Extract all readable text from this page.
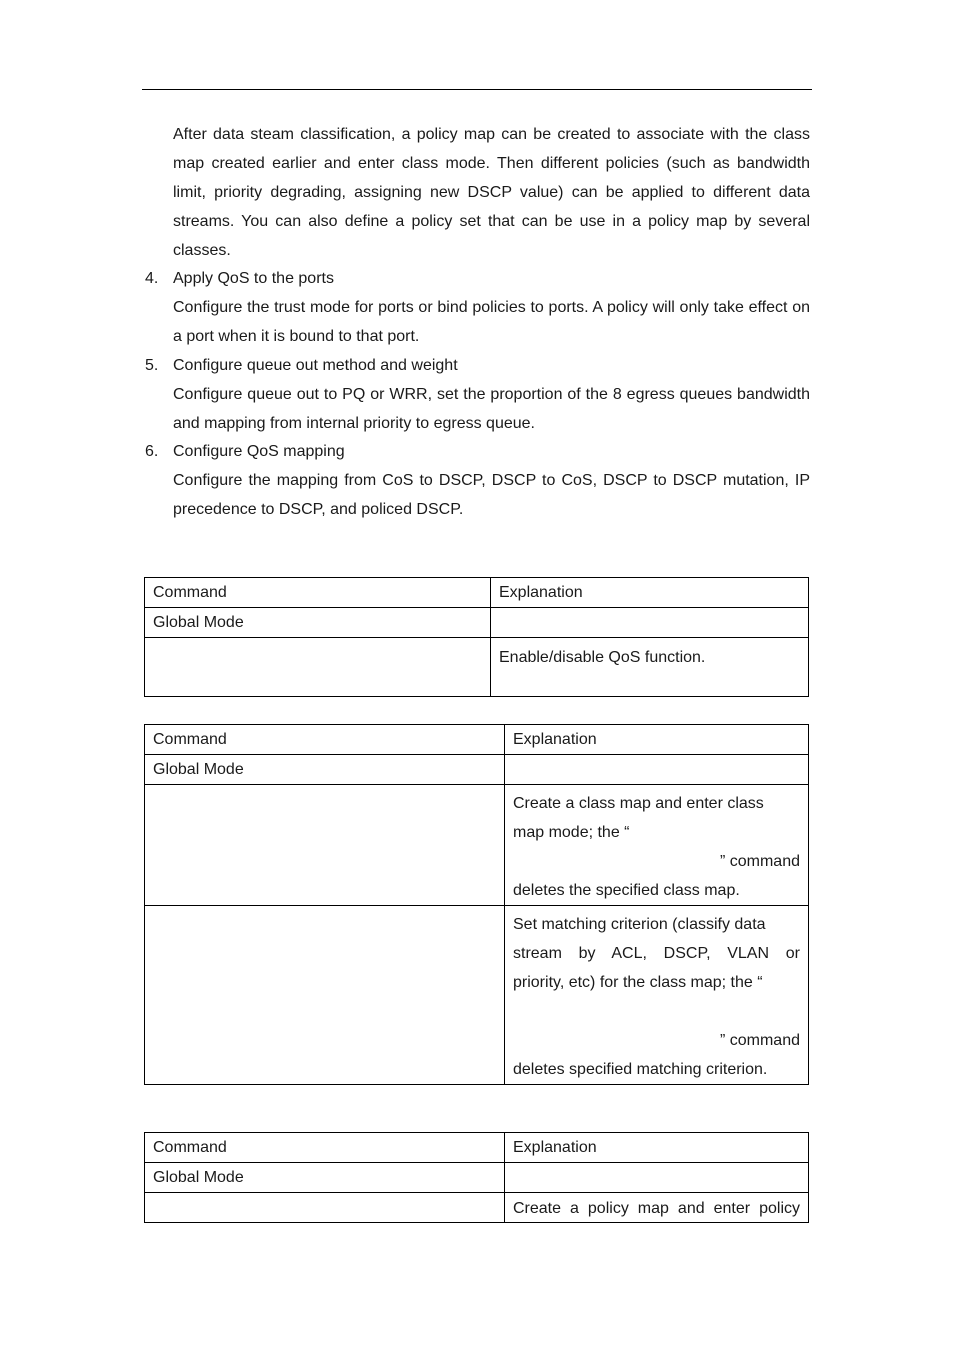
After data steam classification, a policy map can be created to associate with the class map created earlier and enter class mode. Then different policies (such as bandwidth limit, priority degrading, assigning new DSCP value) can be applied to different data streams. You can also define a policy set that can be use in a policy map by several classes.

4. Apply QoS to the ports

Configure the trust mode for ports or bind policies to ports. A policy will only take effect on a port when it is bound to that port.

5. Configure queue out method and weight

Configure queue out to PQ or WRR, set the proportion of the 8 egress queues bandwidth and mapping from internal priority to egress queue.

6. Configure QoS mapping

Configure the mapping from CoS to DSCP, DSCP to CoS, DSCP to DSCP mutation, IP precedence to DSCP, and policed DSCP.

Command	Explanation
Global Mode	
	Enable/disable QoS function.
Command	Explanation
Global Mode	

	Create a class map and enter class
map mode; the “
” command
deletes the specified class map.

	Set matching criterion (classify data
stream by ACL, DSCP, VLAN or
priority, etc) for the class map; the “
” command
deletes specified matching criterion.
Command	Explanation
Global Mode	
	Create a policy map and enter policy
